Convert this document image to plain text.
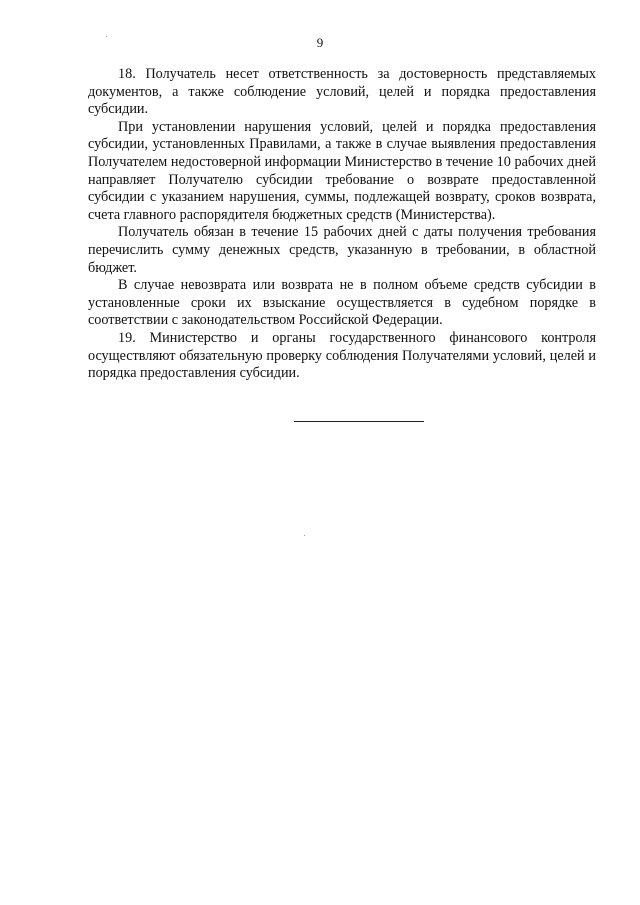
9

18. Получатель несет ответственность за достоверность представляемых документов, а также соблюдение условий, целей и порядка предоставления субсидии.

При установлении нарушения условий, целей и порядка предоставления субсидии, установленных Правилами, а также в случае выявления предоставления Получателем недостоверной информации Министерство в течение 10 рабочих дней направляет Получателю субсидии требование о возврате предоставленной субсидии с указанием нарушения, суммы, подлежащей возврату, сроков возврата, счета главного распорядителя бюджетных средств (Министерства).

Получатель обязан в течение 15 рабочих дней с даты получения требования перечислить сумму денежных средств, указанную в требовании, в областной бюджет.

В случае невозврата или возврата не в полном объеме средств субсидии в установленные сроки их взыскание осуществляется в судебном порядке в соответствии с законодательством Российской Федерации.

19. Министерство и органы государственного финансового контроля осуществляют обязательную проверку соблюдения Получателями условий, целей и порядка предоставления субсидии.
